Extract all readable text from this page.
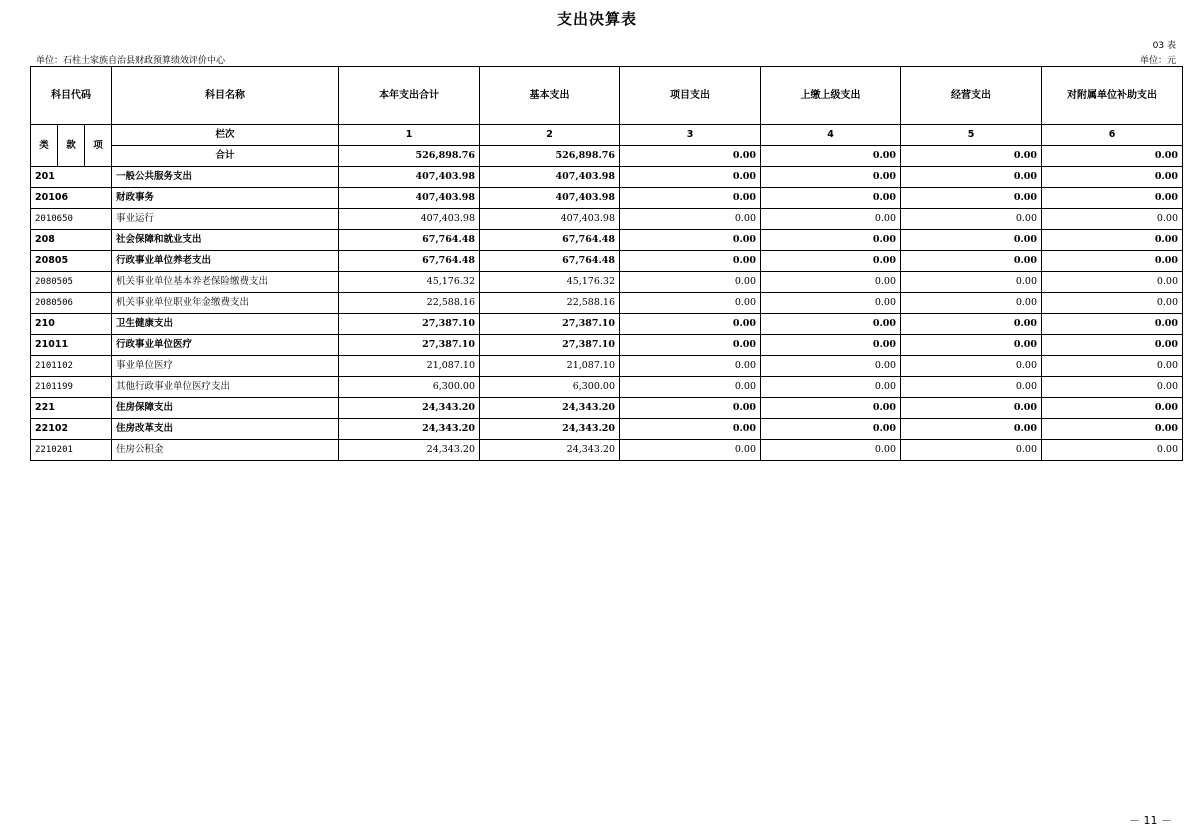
支出决算表
03 表
单位：石柱土家族自治县财政预算绩效评价中心	单位：元
科目代码			科目名称	本年支出合计	基本支出	项目支出	上缴上级支出	经营支出	对附属单位补助支出
类	款	项	栏次	1	2	3	4	5	6
			合计	526,898.76	526,898.76	0.00	0.00	0.00	0.00
201			一般公共服务支出	407,403.98	407,403.98	0.00	0.00	0.00	0.00
20106			财政事务	407,403.98	407,403.98	0.00	0.00	0.00	0.00
2010650			事业运行	407,403.98	407,403.98	0.00	0.00	0.00	0.00
208			社会保障和就业支出	67,764.48	67,764.48	0.00	0.00	0.00	0.00
20805			行政事业单位养老支出	67,764.48	67,764.48	0.00	0.00	0.00	0.00
2080505			机关事业单位基本养老保险缴费支出	45,176.32	45,176.32	0.00	0.00	0.00	0.00
2080506			机关事业单位职业年金缴费支出	22,588.16	22,588.16	0.00	0.00	0.00	0.00
210			卫生健康支出	27,387.10	27,387.10	0.00	0.00	0.00	0.00
21011			行政事业单位医疗	27,387.10	27,387.10	0.00	0.00	0.00	0.00
2101102			事业单位医疗	21,087.10	21,087.10	0.00	0.00	0.00	0.00
2101199			其他行政事业单位医疗支出	6,300.00	6,300.00	0.00	0.00	0.00	0.00
221			住房保障支出	24,343.20	24,343.20	0.00	0.00	0.00	0.00
22102			住房改革支出	24,343.20	24,343.20	0.00	0.00	0.00	0.00
2210201			住房公积金	24,343.20	24,343.20	0.00	0.00	0.00	0.00
－ 11 －
